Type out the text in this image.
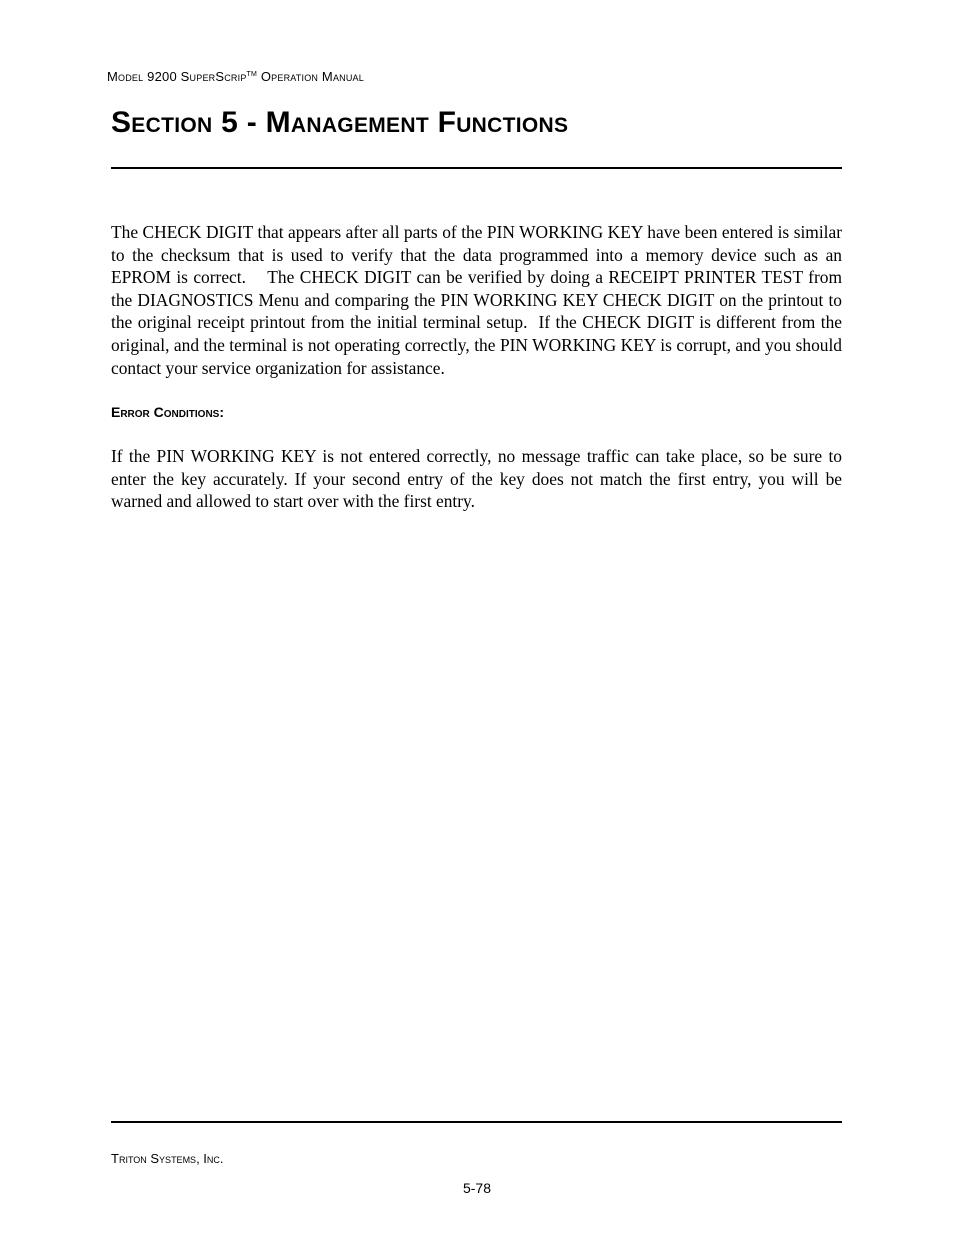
Model 9200 SuperScrip™ Operation Manual
Section 5 - Management Functions

The CHECK DIGIT that appears after all parts of the PIN WORKING KEY have been entered is similar to the checksum that is used to verify that the data programmed into a memory device such as an EPROM is correct.    The CHECK DIGIT can be verified by doing a RECEIPT PRINTER TEST from the DIAGNOSTICS Menu and comparing the PIN WORKING KEY CHECK DIGIT on the printout to the original receipt printout from the initial terminal setup.  If the CHECK DIGIT is different from the original, and the terminal is not operating correctly, the PIN WORKING KEY is corrupt, and you should contact your service organization for assistance.

Error Conditions:

If the PIN WORKING KEY is not entered correctly, no message traffic can take place, so be sure to enter the key accurately. If your second entry of the key does not match the first entry, you will be warned and allowed to start over with the first entry.

Triton Systems, Inc.
5-78
